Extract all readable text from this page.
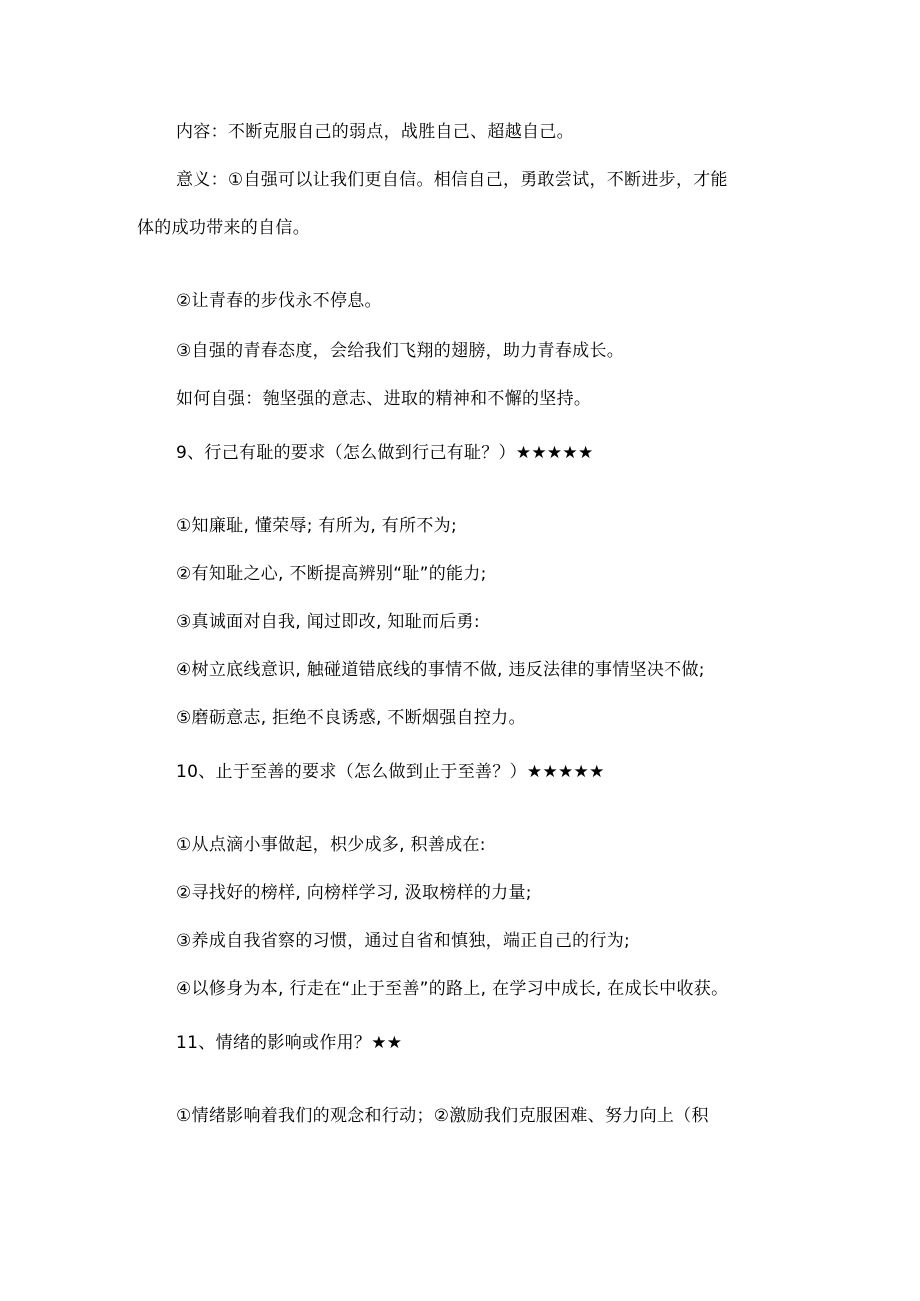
内容：不断克服自己的弱点，战胜自己、超越自己。
意义：①自强可以让我们更自信。相信自己，勇敢尝试，不断进步，才能
体的成功带来的自信。
②让青春的步伐永不停息。
③自强的青春态度，会给我们飞翔的翅膀，助力青春成长。
如何自强：匏坚强的意志、进取的精神和不懈的坚持。
9、行己有耻的要求（怎么做到行己有耻？）★★★★★
①知廉耻, 懂荣辱; 有所为, 有所不为;
②有知耻之心, 不断提高辨别“耻”的能力;
③真诚面对自我, 闻过即改, 知耻而后勇:
④树立底线意识, 触碰道错底线的事情不做, 违反法律的事情坚决不做;
⑤磨砺意志, 拒绝不良诱惑, 不断烟强自控力。
10、止于至善的要求（怎么做到止于至善？）★★★★★
①从点滴小事做起，枳少成多, 积善成在:
②寻找好的榜样, 向榜样学习, 汲取榜样的力量;
③养成自我省察的习惯，通过自省和慎独，端正自己的行为;
④以修身为本, 行走在“止于至善”的路上, 在学习中成长, 在成长中收获。
11、情绪的影响或作用？★★
①情绪影响着我们的观念和行动；②激励我们克服困难、努力向上（积
